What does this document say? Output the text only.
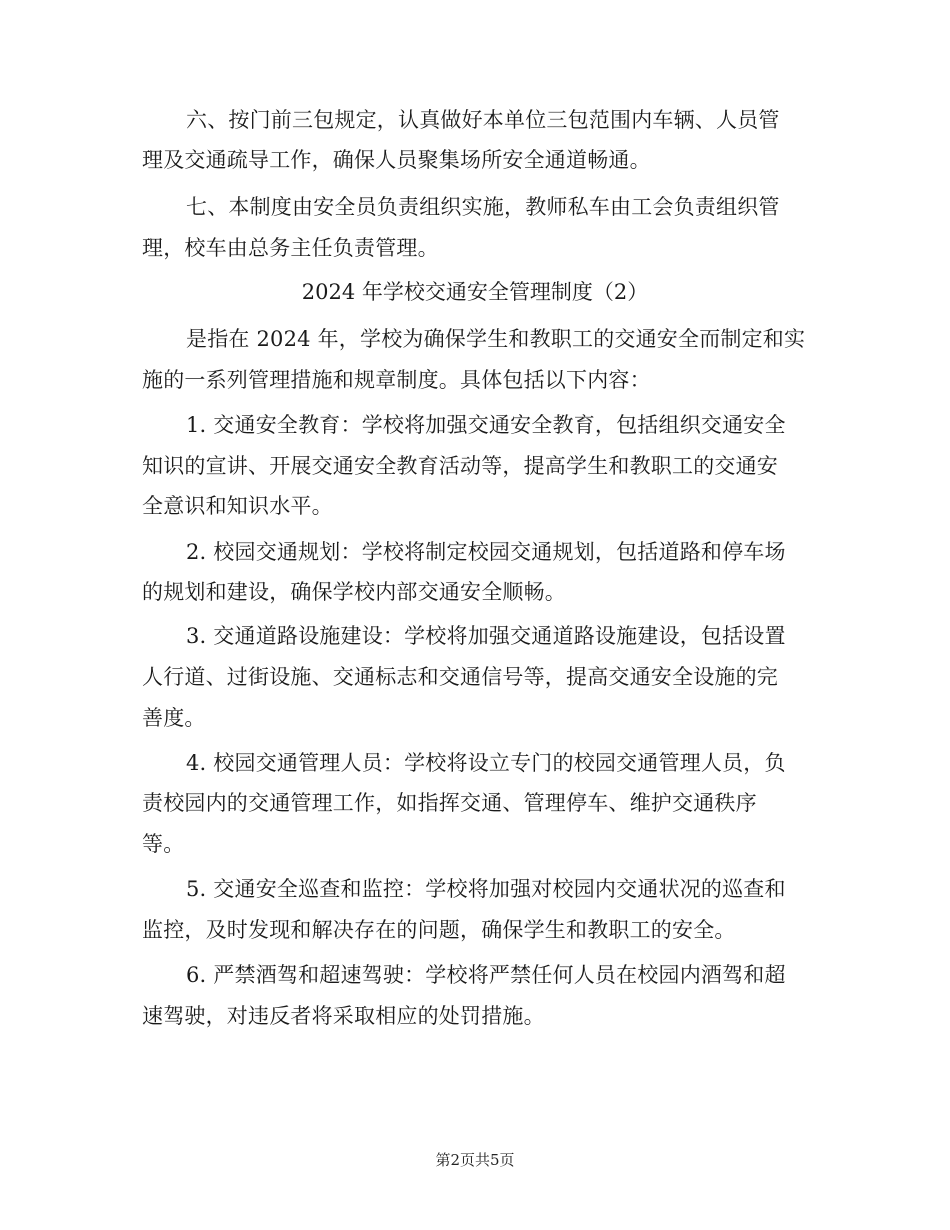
六、按门前三包规定，认真做好本单位三包范围内车辆、人员管
理及交通疏导工作，确保人员聚集场所安全通道畅通。
七、本制度由安全员负责组织实施，教师私车由工会负责组织管
理，校车由总务主任负责管理。
2024 年学校交通安全管理制度（2）
是指在 2024 年，学校为确保学生和教职工的交通安全而制定和实
施的一系列管理措施和规章制度。具体包括以下内容：
1. 交通安全教育：学校将加强交通安全教育，包括组织交通安全
知识的宣讲、开展交通安全教育活动等，提高学生和教职工的交通安
全意识和知识水平。
2. 校园交通规划：学校将制定校园交通规划，包括道路和停车场
的规划和建设，确保学校内部交通安全顺畅。
3. 交通道路设施建设：学校将加强交通道路设施建设，包括设置
人行道、过街设施、交通标志和交通信号等，提高交通安全设施的完
善度。
4. 校园交通管理人员：学校将设立专门的校园交通管理人员，负
责校园内的交通管理工作，如指挥交通、管理停车、维护交通秩序
等。
5. 交通安全巡查和监控：学校将加强对校园内交通状况的巡查和
监控，及时发现和解决存在的问题，确保学生和教职工的安全。
6. 严禁酒驾和超速驾驶：学校将严禁任何人员在校园内酒驾和超
速驾驶，对违反者将采取相应的处罚措施。
第2页共5页
